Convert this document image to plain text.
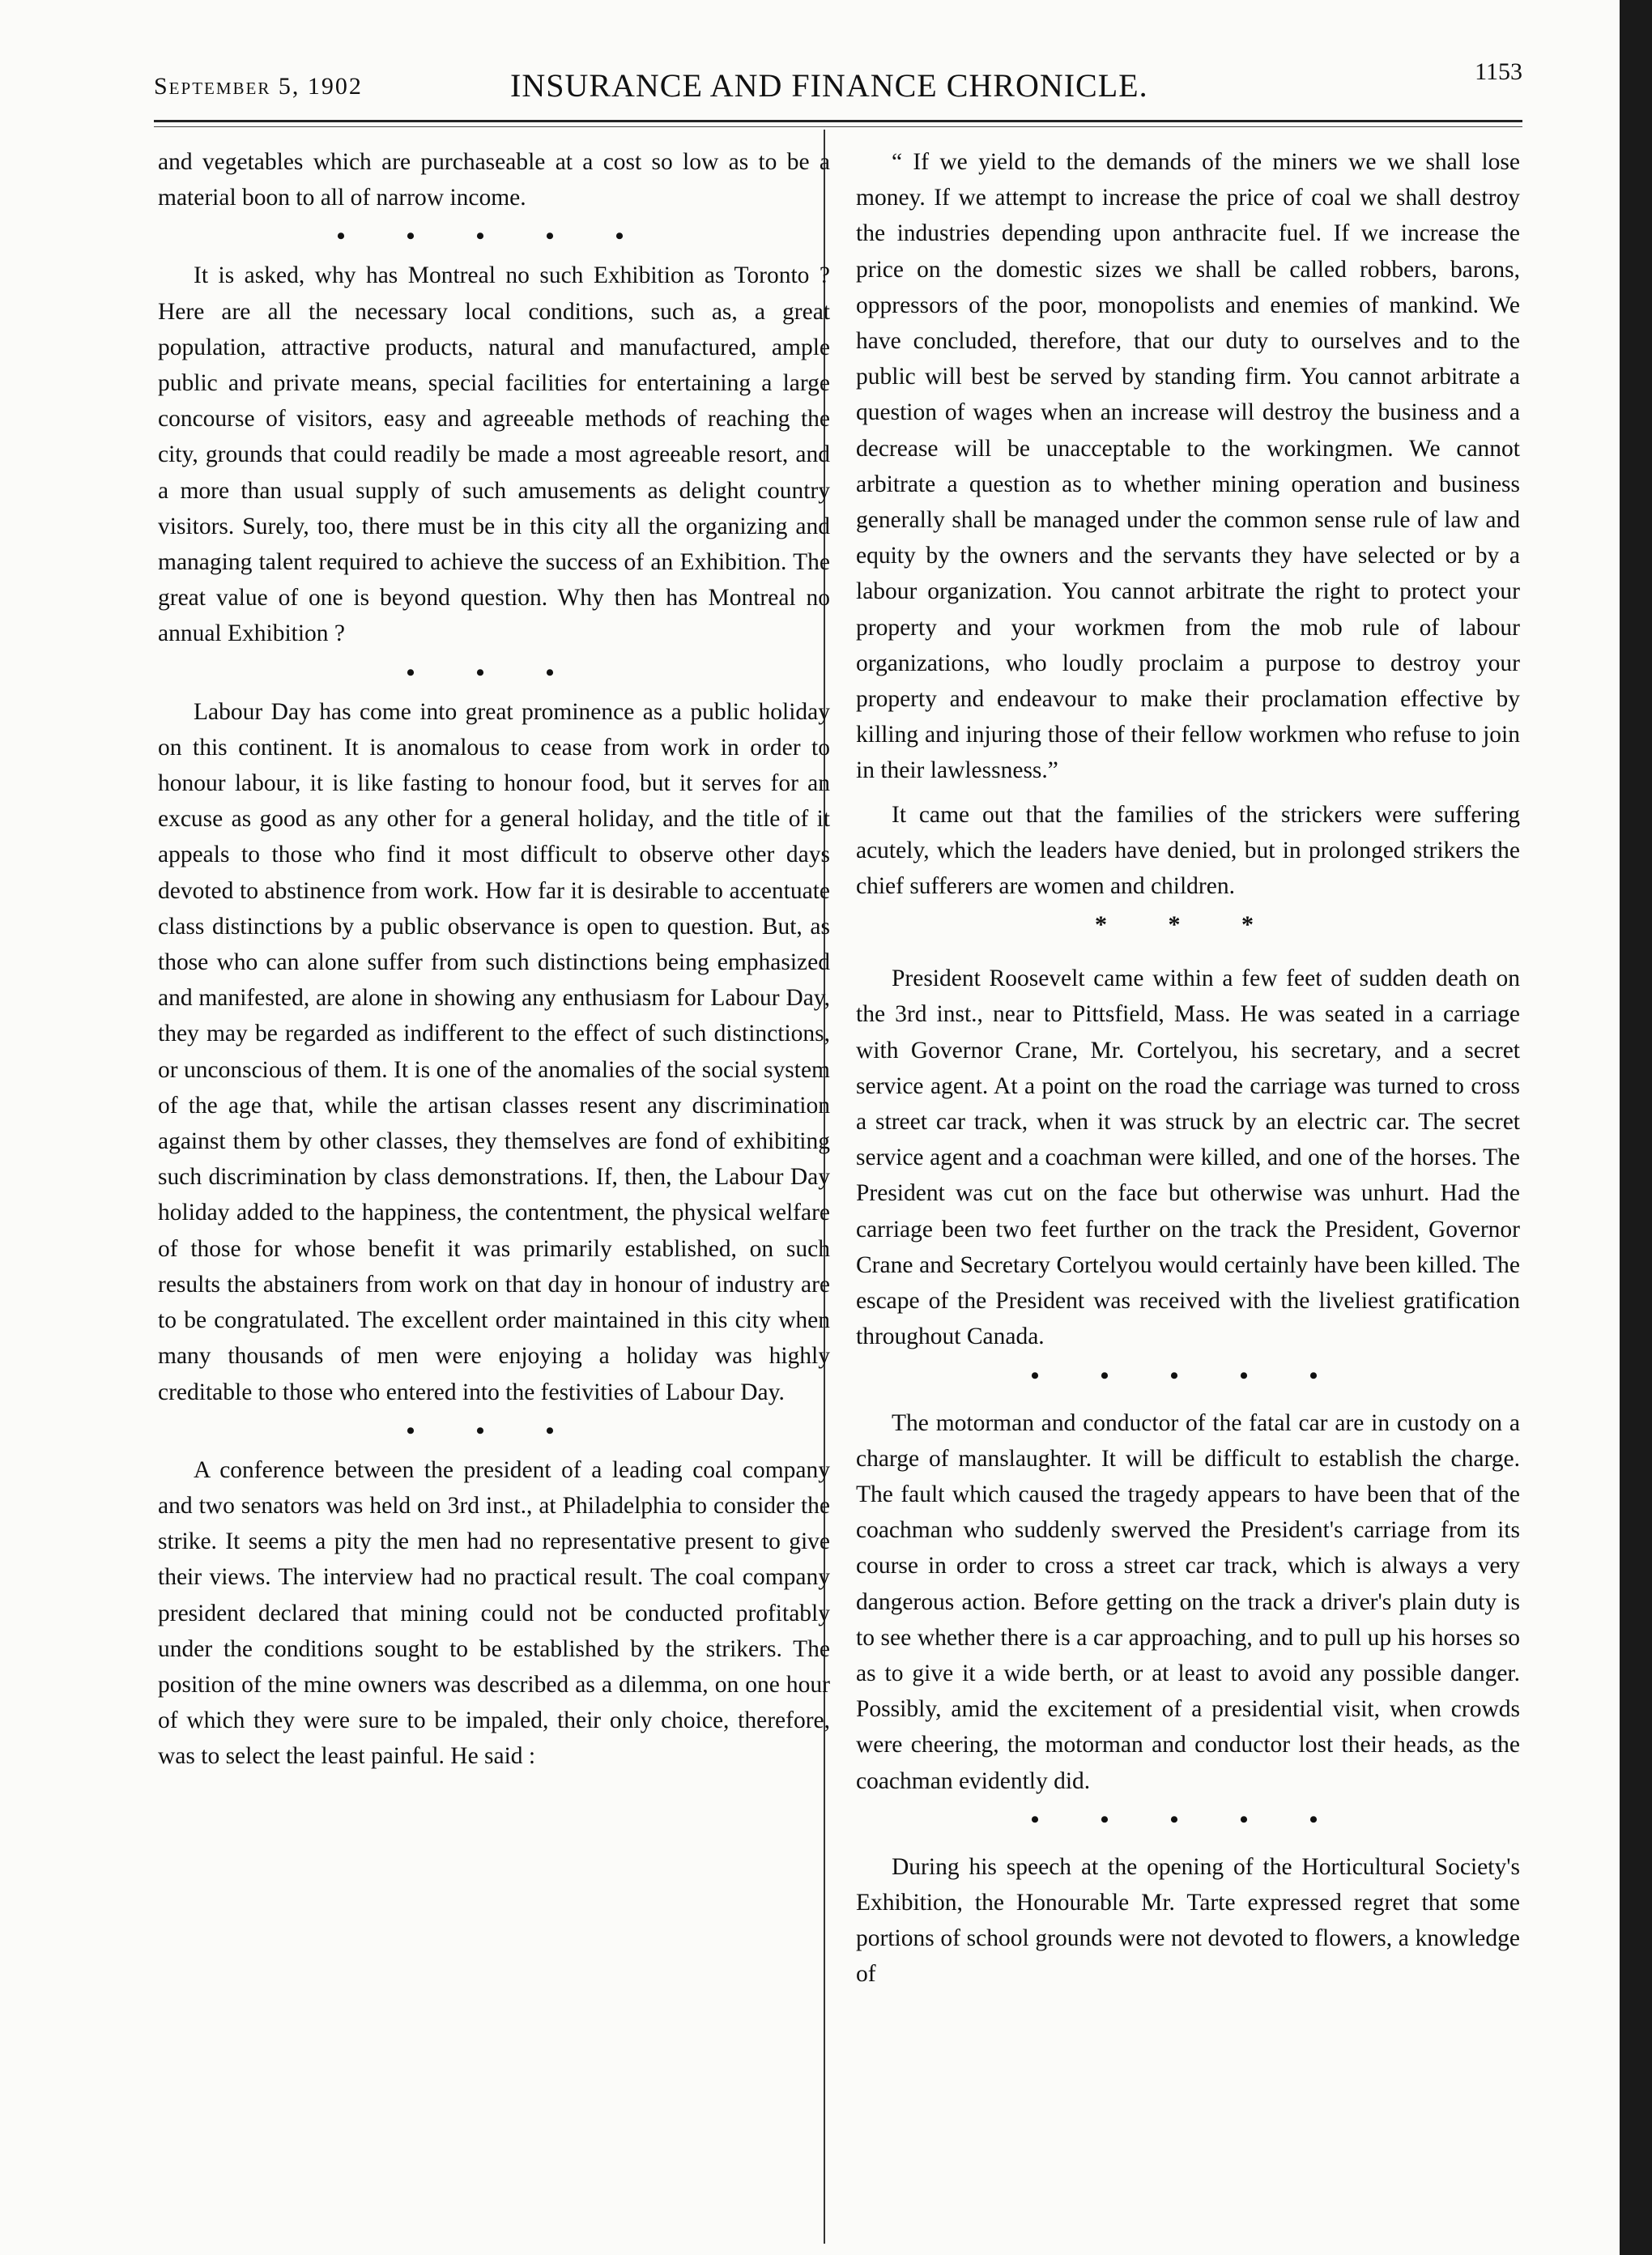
September 5, 1902	INSURANCE AND FINANCE CHRONICLE.	1153

and vegetables which are purchaseable at a cost so low as to be a material boon to all of narrow income.

• • • • •

It is asked, why has Montreal no such Exhibition as Toronto ? Here are all the necessary local conditions, such as, a great population, attractive products, natural and manufactured, ample public and private means, special facilities for entertaining a large concourse of visitors, easy and agreeable methods of reaching the city, grounds that could readily be made a most agreeable resort, and a more than usual supply of such amusements as delight country visitors. Surely, too, there must be in this city all the organizing and managing talent required to achieve the success of an Exhibition. The great value of one is beyond question. Why then has Montreal no annual Exhibition ?

• • •

Labour Day has come into great prominence as a public holiday on this continent. It is anomalous to cease from work in order to honour labour, it is like fasting to honour food, but it serves for an excuse as good as any other for a general holiday, and the title of it appeals to those who find it most difficult to observe other days devoted to abstinence from work. How far it is desirable to accentuate class distinctions by a public observance is open to question. But, as those who can alone suffer from such distinctions being emphasized and manifested, are alone in showing any enthusiasm for Labour Day, they may be regarded as indifferent to the effect of such distinctions, or unconscious of them. It is one of the anomalies of the social system of the age that, while the artisan classes resent any discrimination against them by other classes, they themselves are fond of exhibiting such discrimination by class demonstrations. If, then, the Labour Day holiday added to the happiness, the contentment, the physical welfare of those for whose benefit it was primarily established, on such results the abstainers from work on that day in honour of industry are to be congratulated. The excellent order maintained in this city when many thousands of men were enjoying a holiday was highly creditable to those who entered into the festivities of Labour Day.

• • •

A conference between the president of a leading coal company and two senators was held on 3rd inst., at Philadelphia to consider the strike. It seems a pity the men had no representative present to give their views. The interview had no practical result. The coal company president declared that mining could not be conducted profitably under the conditions sought to be established by the strikers. The position of the mine owners was described as a dilemma, on one hour of which they were sure to be impaled, their only choice, therefore, was to select the least painful. He said :

“ If we yield to the demands of the miners we we shall lose money. If we attempt to increase the price of coal we shall destroy the industries depending upon anthracite fuel. If we increase the price on the domestic sizes we shall be called robbers, barons, oppressors of the poor, monopolists and enemies of mankind. We have concluded, therefore, that our duty to ourselves and to the public will best be served by standing firm. You cannot arbitrate a question of wages when an increase will destroy the business and a decrease will be unacceptable to the workingmen. We cannot arbitrate a question as to whether mining operation and business generally shall be managed under the common sense rule of law and equity by the owners and the servants they have selected or by a labour organization. You cannot arbitrate the right to protect your property and your workmen from the mob rule of labour organizations, who loudly proclaim a purpose to destroy your property and endeavour to make their proclamation effective by killing and injuring those of their fellow workmen who refuse to join in their lawlessness.”

It came out that the families of the strickers were suffering acutely, which the leaders have denied, but in prolonged strikers the chief sufferers are women and children.

* * *

President Roosevelt came within a few feet of sudden death on the 3rd inst., near to Pittsfield, Mass. He was seated in a carriage with Governor Crane, Mr. Cortelyou, his secretary, and a secret service agent. At a point on the road the carriage was turned to cross a street car track, when it was struck by an electric car. The secret service agent and a coachman were killed, and one of the horses. The President was cut on the face but otherwise was unhurt. Had the carriage been two feet further on the track the President, Governor Crane and Secretary Cortelyou would certainly have been killed. The escape of the President was received with the liveliest gratification throughout Canada.

• • • • •

The motorman and conductor of the fatal car are in custody on a charge of manslaughter. It will be difficult to establish the charge. The fault which caused the tragedy appears to have been that of the coachman who suddenly swerved the President's carriage from its course in order to cross a street car track, which is always a very dangerous action. Before getting on the track a driver's plain duty is to see whether there is a car approaching, and to pull up his horses so as to give it a wide berth, or at least to avoid any possible danger. Possibly, amid the excitement of a presidential visit, when crowds were cheering, the motorman and conductor lost their heads, as the coachman evidently did.

• • • • •

During his speech at the opening of the Horticultural Society's Exhibition, the Honourable Mr. Tarte expressed regret that some portions of school grounds were not devoted to flowers, a knowledge of
